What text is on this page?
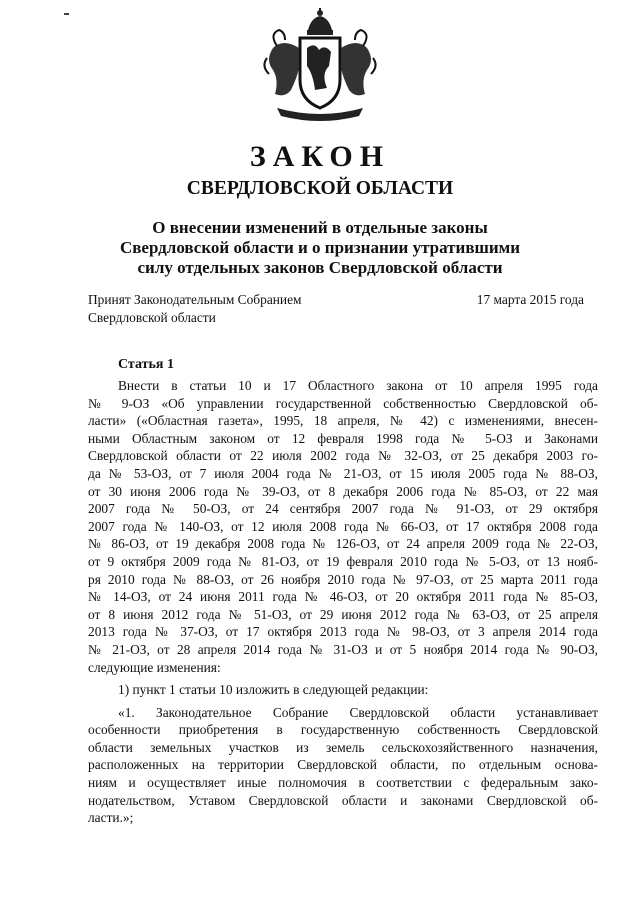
ЗАКОН
СВЕРДЛОВСКОЙ ОБЛАСТИ
О внесении изменений в отдельные законы
Свердловской области и о признании утратившими
силу отдельных законов Свердловской области
Принят Законодательным Собранием
Свердловской области
17 марта 2015 года
Статья 1
Внести в статьи 10 и 17 Областного закона от 10 апреля 1995 года
№ 9-ОЗ «Об управлении государственной собственностью Свердловской об-
ласти» («Областная газета», 1995, 18 апреля, № 42) с изменениями, внесен-
ными Областным законом от 12 февраля 1998 года № 5-ОЗ и Законами
Свердловской области от 22 июля 2002 года № 32-ОЗ, от 25 декабря 2003 го-
да № 53-ОЗ, от 7 июля 2004 года № 21-ОЗ, от 15 июля 2005 года № 88-ОЗ,
от 30 июня 2006 года № 39-ОЗ, от 8 декабря 2006 года № 85-ОЗ, от 22 мая
2007 года № 50-ОЗ, от 24 сентября 2007 года № 91-ОЗ, от 29 октября
2007 года № 140-ОЗ, от 12 июля 2008 года № 66-ОЗ, от 17 октября 2008 года
№ 86-ОЗ, от 19 декабря 2008 года № 126-ОЗ, от 24 апреля 2009 года № 22-ОЗ,
от 9 октября 2009 года № 81-ОЗ, от 19 февраля 2010 года № 5-ОЗ, от 13 нояб-
ря 2010 года № 88-ОЗ, от 26 ноября 2010 года № 97-ОЗ, от 25 марта 2011 года
№ 14-ОЗ, от 24 июня 2011 года № 46-ОЗ, от 20 октября 2011 года № 85-ОЗ,
от 8 июня 2012 года № 51-ОЗ, от 29 июня 2012 года № 63-ОЗ, от 25 апреля
2013 года № 37-ОЗ, от 17 октября 2013 года № 98-ОЗ, от 3 апреля 2014 года
№ 21-ОЗ, от 28 апреля 2014 года № 31-ОЗ и от 5 ноября 2014 года № 90-ОЗ,
следующие изменения:
1) пункт 1 статьи 10 изложить в следующей редакции:
«1. Законодательное Собрание Свердловской области устанавливает
особенности приобретения в государственную собственность Свердловской
области земельных участков из земель сельскохозяйственного назначения,
расположенных на территории Свердловской области, по отдельным основа-
ниям и осуществляет иные полномочия в соответствии с федеральным зако-
нодательством, Уставом Свердловской области и законами Свердловской об-
ласти.»;
